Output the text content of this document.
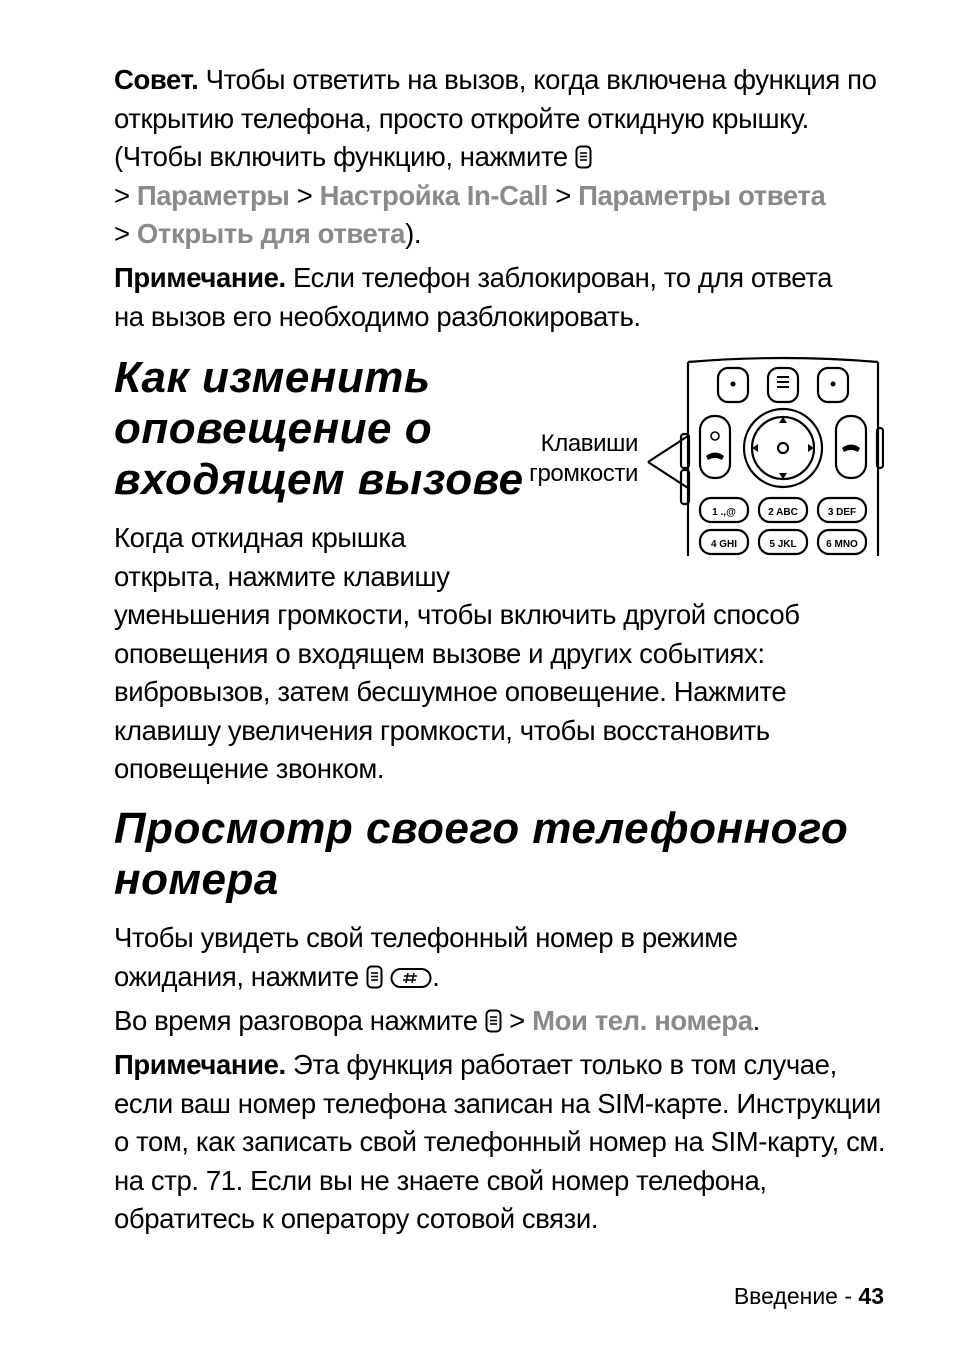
Совет. Чтобы ответить на вызов, когда включена функция по открытию телефона, просто откройте откидную крышку. (Чтобы включить функцию, нажмите
> Параметры > Настройка In-Call > Параметры ответа
> Открыть для ответа).

Примечание. Если телефон заблокирован, то для ответа на вызов его необходимо разблокировать.

Как изменить
оповещение о
входящем вызове
Клавиши
громкости
1 .,@	2 ABC	3 DEF
4 GHI	5 JKL	6 MNO

Когда откидная крышка
открыта, нажмите клавишу
уменьшения громкости, чтобы включить другой способ оповещения о входящем вызове и других событиях: вибровызов, затем бесшумное оповещение. Нажмите клавишу увеличения громкости, чтобы восстановить оповещение звонком.

Просмотр своего телефонного
номера

Чтобы увидеть свой телефонный номер в режиме ожидания, нажмите  .

Во время разговора нажмите  > Мои тел. номера.

Примечание. Эта функция работает только в том случае, если ваш номер телефона записан на SIM-карте. Инструкции о том, как записать свой телефонный номер на SIM-карту, см. на стр. 71. Если вы не знаете свой номер телефона, обратитесь к оператору сотовой связи.

Введение - 43
